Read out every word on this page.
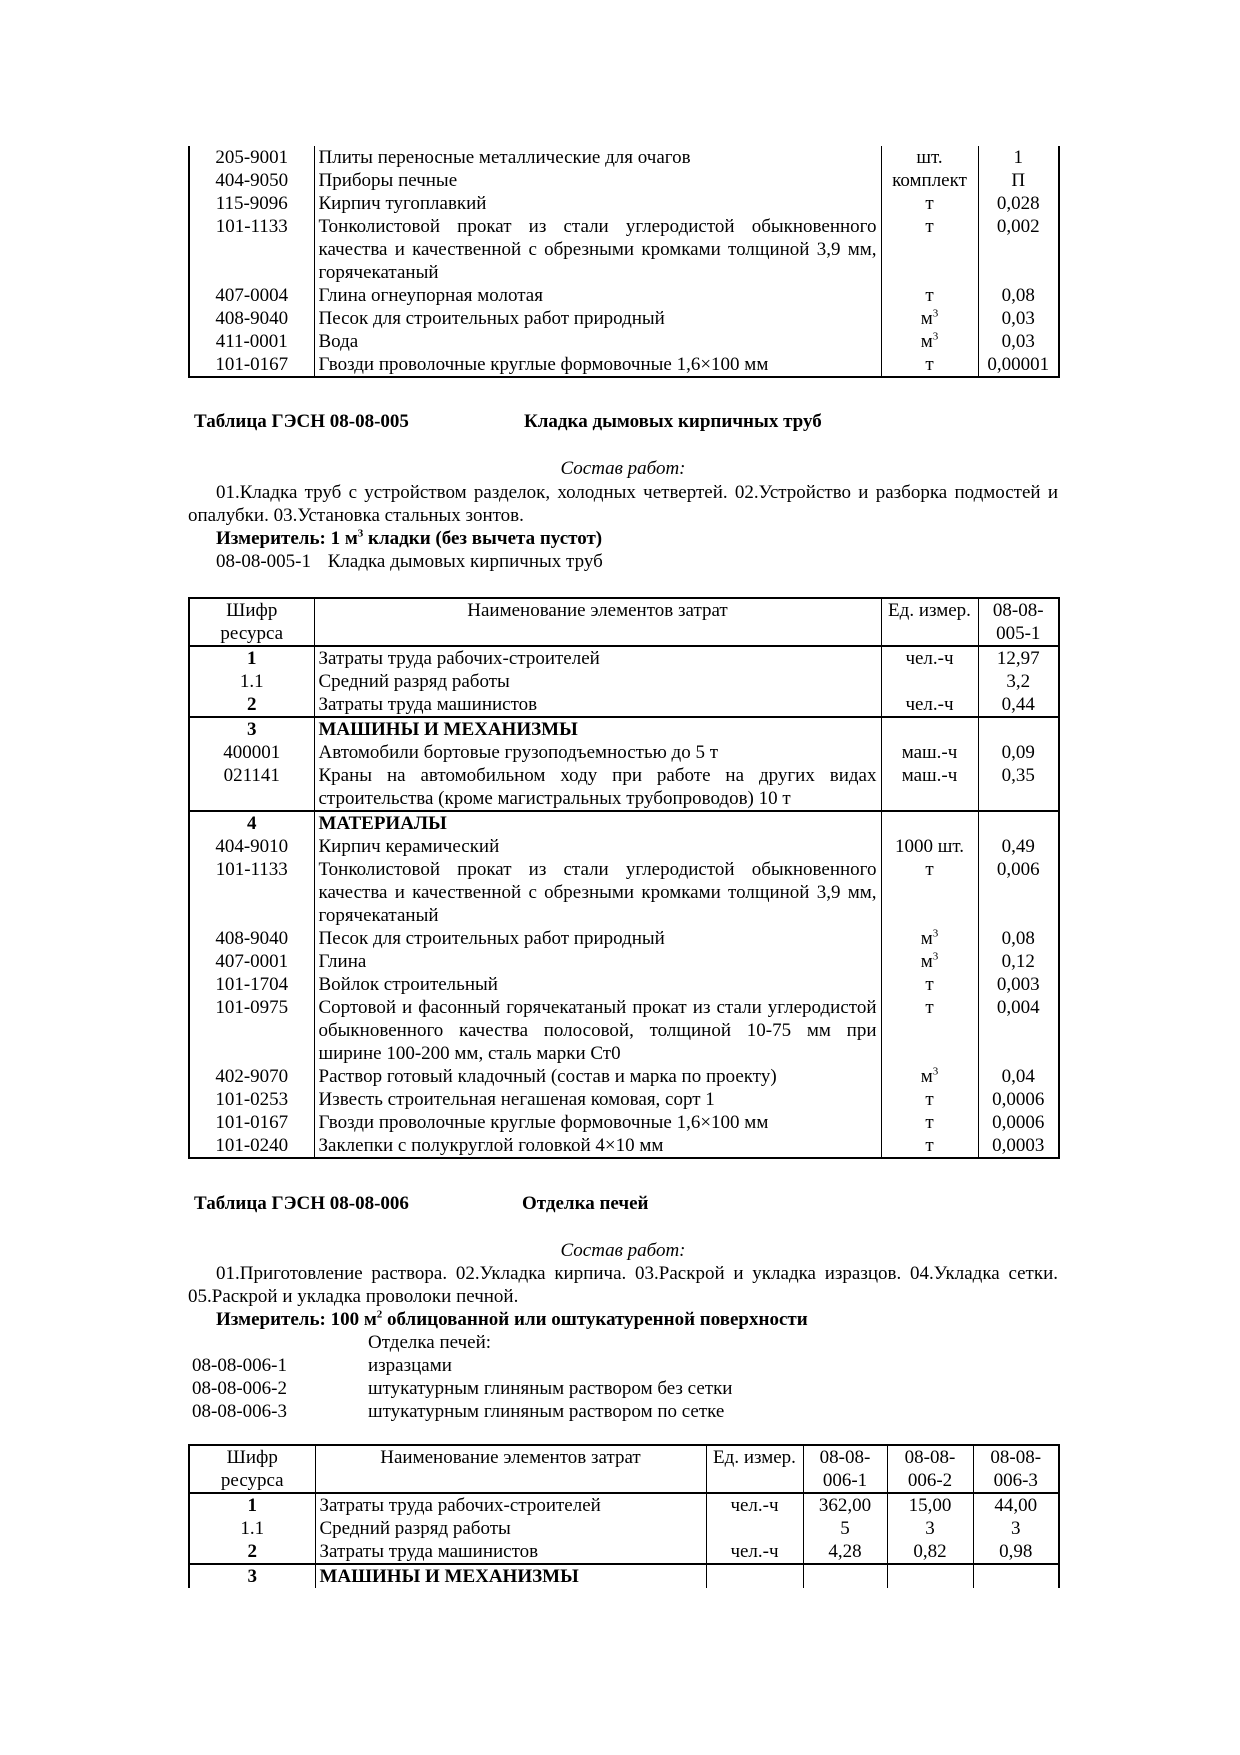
205-9001	Плиты переносные металлические для очагов	шт.	1
404-9050	Приборы печные	комплект	П
115-9096	Кирпич тугоплавкий	т	0,028
101-1133	Тонколистовой прокат из стали углеродистой обыкновенного качества и качественной с обрезными кромками толщиной 3,9 мм, горячекатаный	т	0,002
407-0004	Глина огнеупорная молотая	т	0,08
408-9040	Песок для строительных работ природный	$м^3$	0,03
411-0001	Вода	$м^3$	0,03
101-0167	Гвозди проволочные круглые формовочные 1,6×100 мм	т	0,00001
Таблица ГЭСН 08-08-005	Кладка дымовых кирпичных труб
Состав работ:
01.Кладка труб с устройством разделок, холодных четвертей. 02.Устройство и разборка подмостей и опалубки. 03.Установка стальных зонтов.
Измеритель: 1 $м^3$ кладки (без вычета пустот)
08-08-005-1 Кладка дымовых кирпичных труб
Шифр ресурса	Наименование элементов затрат	Ед. измер.	08-08-005-1
1	Затраты труда рабочих-строителей	чел.-ч	12,97
1.1	Средний разряд работы		3,2
2	Затраты труда машинистов	чел.-ч	0,44
3	МАШИНЫ И МЕХАНИЗМЫ		
400001	Автомобили бортовые грузоподъемностью до 5 т	маш.-ч	0,09
021141	Краны на автомобильном ходу при работе на других видах строительства (кроме магистральных трубопроводов) 10 т	маш.-ч	0,35
4	МАТЕРИАЛЫ		
404-9010	Кирпич керамический	1000 шт.	0,49
101-1133	Тонколистовой прокат из стали углеродистой обыкновенного качества и качественной с обрезными кромками толщиной 3,9 мм, горячекатаный	т	0,006
408-9040	Песок для строительных работ природный	$м^3$	0,08
407-0001	Глина	$м^3$	0,12
101-1704	Войлок строительный	т	0,003
101-0975	Сортовой и фасонный горячекатаный прокат из стали углеродистой обыкновенного качества полосовой, толщиной 10-75 мм при ширине 100-200 мм, сталь марки Ст0	т	0,004
402-9070	Раствор готовый кладочный (состав и марка по проекту)	$м^3$	0,04
101-0253	Известь строительная негашеная комовая, сорт 1	т	0,0006
101-0167	Гвозди проволочные круглые формовочные 1,6×100 мм	т	0,0006
101-0240	Заклепки с полукруглой головкой 4×10 мм	т	0,0003
Таблица ГЭСН 08-08-006	Отделка печей
Состав работ:
01.Приготовление раствора. 02.Укладка кирпича. 03.Раскрой и укладка изразцов. 04.Укладка сетки. 05.Раскрой и укладка проволоки печной.
Измеритель: 100 $м^2$ облицованной или оштукатуренной поверхности
Отделка печей:
08-08-006-1	изразцами
08-08-006-2	штукатурным глиняным раствором без сетки
08-08-006-3	штукатурным глиняным раствором по сетке
Шифр ресурса	Наименование элементов затрат	Ед. измер.	08-08-006-1	08-08-006-2	08-08-006-3
1	Затраты труда рабочих-строителей	чел.-ч	362,00	15,00	44,00
1.1	Средний разряд работы		5	3	3
2	Затраты труда машинистов	чел.-ч	4,28	0,82	0,98
3	МАШИНЫ И МЕХАНИЗМЫ				
